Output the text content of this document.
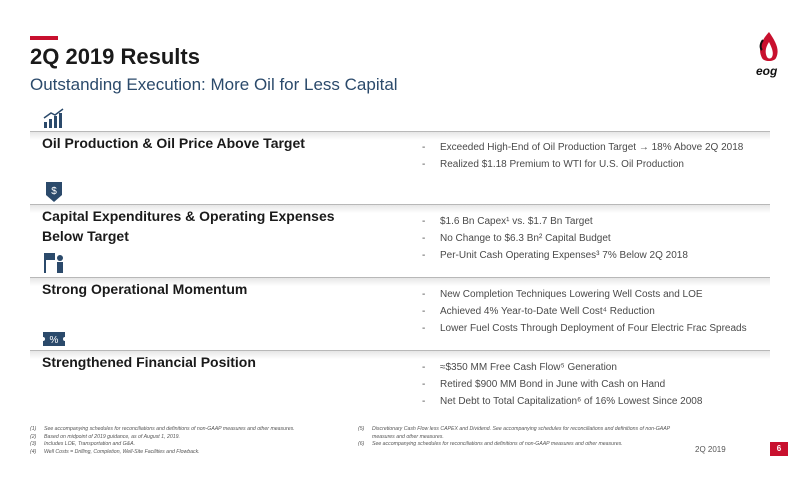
2Q 2019 Results
Outstanding Execution: More Oil for Less Capital
eog
Oil Production & Oil Price Above Target	- Exceeded High-End of Oil Production Target → 18% Above 2Q 2018
- Realized $1.18 Premium to WTI for U.S. Oil Production
$
Capital Expenditures & Operating Expenses
Below Target
- $1.6 Bn Capex¹ vs. $1.7 Bn Target
- No Change to $6.3 Bn² Capital Budget
- Per-Unit Cash Operating Expenses³ 7% Below 2Q 2018
Strong Operational Momentum	- New Completion Techniques Lowering Well Costs and LOE
- Achieved 4% Year-to-Date Well Cost⁴ Reduction
- Lower Fuel Costs Through Deployment of Four Electric Frac Spreads
%
Strengthened Financial Position	- ≈$350 MM Free Cash Flow⁵ Generation
- Retired $900 MM Bond in June with Cash on Hand
- Net Debt to Total Capitalization⁶ of 16% Lowest Since 2008
(1)	See accompanying schedules for reconciliations and definitions of non-GAAP measures and other measures.
(2)	Based on midpoint of 2019 guidance, as of August 1, 2019.
(3)	Includes LOE, Transportation and G&A.
(4)	Well Costs = Drilling, Completion, Well-Site Facilities and Flowback.
(5)	Discretionary Cash Flow less CAPEX and Dividend. See accompanying schedules for reconciliations and definitions of non-GAAP measures and other measures.
(6)	See accompanying schedules for reconciliations and definitions of non-GAAP measures and other measures.
2Q 2019	6
